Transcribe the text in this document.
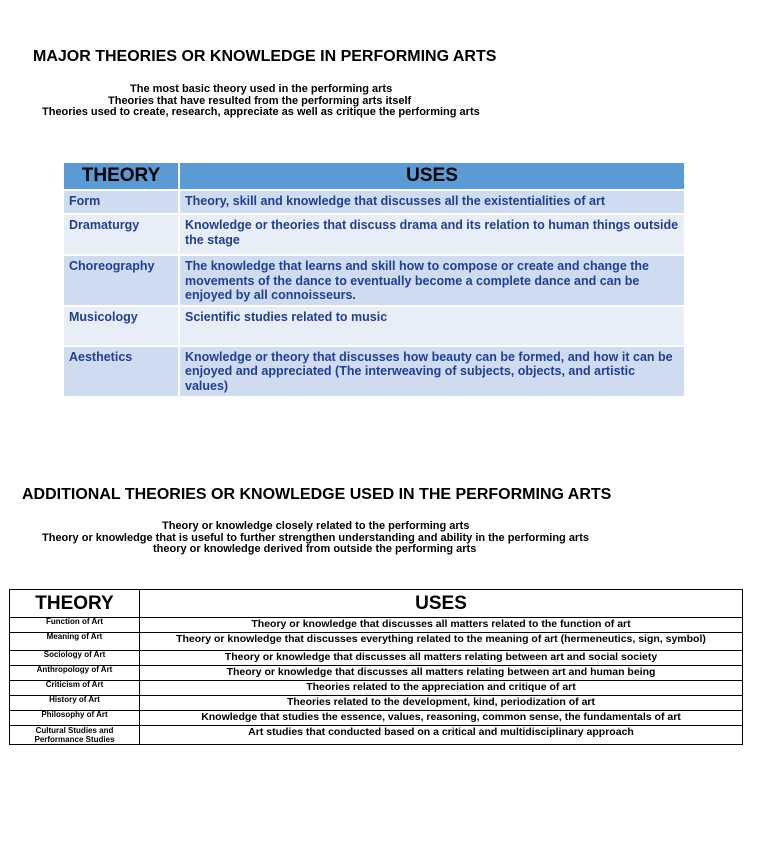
MAJOR THEORIES OR KNOWLEDGE IN PERFORMING ARTS
The most basic theory used in the performing arts
Theories that have resulted from the performing arts itself
Theories used to create, research, appreciate as well as critique the performing arts
THEORY	USES
Form	Theory, skill and knowledge that discusses all the existentialities of art
Dramaturgy	Knowledge or theories that discuss drama and its relation to human things outside the stage
Choreography	The knowledge that learns and skill how to compose or create and change the movements of the dance to eventually become a complete dance and can be enjoyed by all connoisseurs.
Musicology	Scientific studies related to music
Aesthetics	Knowledge or theory that discusses how beauty can be formed, and how it can be enjoyed and appreciated (The interweaving of subjects, objects, and artistic values)
ADDITIONAL THEORIES OR KNOWLEDGE USED IN THE PERFORMING ARTS
Theory or knowledge closely related to the performing arts
Theory or knowledge that is useful to further strengthen understanding and ability in the performing arts
theory or knowledge derived from outside the performing arts
THEORY	USES
Function of Art	Theory or knowledge that discusses all matters related to the function of art
Meaning of Art	Theory or knowledge that discusses everything related to the meaning of art (hermeneutics, sign, symbol)
Sociology of Art	Theory or knowledge that discusses all matters relating between art and social society
Anthropology of Art	Theory or knowledge that discusses all matters relating between art and human being
Criticism of Art	Theories related to the appreciation and critique of art
History of Art	Theories related to the development, kind, periodization of art
Philosophy of Art	Knowledge that studies the essence, values, reasoning, common sense, the fundamentals of art
Cultural Studies and Performance Studies	Art studies that conducted based on a critical and multidisciplinary approach
